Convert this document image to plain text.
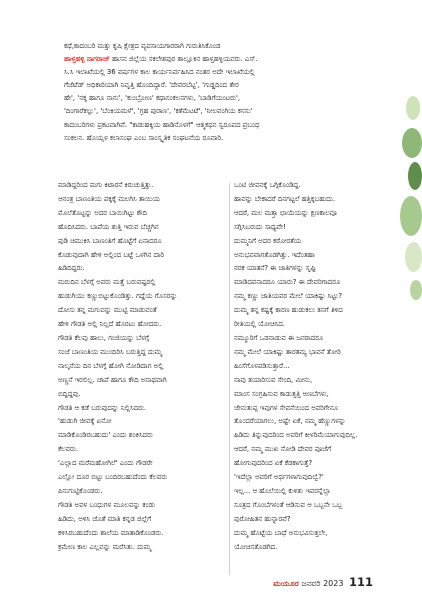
ಕಥೆ,ಕಾದಂಬರಿ ಮತ್ತು ಕೃಷಿ ಕ್ಷೇತ್ರದ ವ್ಯವಸಾಯಗಾರರಾಗಿ ಗುರುತಿಸಿಕೊಂಡ
ಹಾಳ್ತಹಳ್ಳಿ ನಾಗರಾಜ್ ಹಾಸನ ಜಿಲ್ಲೆಯ ಸಕಲೇಶಪುರ ತಾಲ್ಲೂಕಿನ ಹಾಳ್ತಹಳ್ಳಿಯವರು. ಎಸ್.
ಸಿ.ಸಿ ಇಲಾಖೆಯಲ್ಲಿ 36 ವರ್ಷಗಳ ಕಾಲ ಕಾರ್ಯನಿರ್ವಹಿಸಿದ ನಂತರ ಅದೇ ಇಲಾಖೆಯಲ್ಲಿ
ಗೆಜೆಟೆಡ್ ಅಧಿಕಾರಿಯಾಗಿ ನಿವೃತ್ತಿ ಹೊಂದಿದ್ದಾರೆ. 'ದೇವರಬೆಟ್ಟ', 'ಗುಡ್ಡದಿಂದ ತೇರ
ಹೇ', 'ನಕ್ಕ ಹಾಗೂ ನಾನು', 'ಕುಂಬ್ರೋಣ' ಕಥಾಸಂಕಲನಗಳು, 'ಬಾಡಿಗೆಯಂಟರು',
'ದಿಂಗಾರೆಕಲ್ಲು', 'ಬೆಂಕಿಯಮಳೆ', 'ಗ್ರಹ ಪುರಾಣ', 'ಕತೆಮೆಟಟೆ', 'ನೀಲವಂಗಿಯ ಕನಸು'
ಕಾದಂಬರಿಗಳು ಪ್ರಕಟವಾಗಿವೆ. "ಕಾಡುಹಕ್ಕಿಯ ಹಾಡಿನೊಳಗೆ" ಆತ್ಮಕಥನ ಸ್ವರೂಪದ ಪ್ರಬಂಧ
ಸಂಕಲನ. ಹೊಯ್ಸಳ ಕಲಾಸಂಘ ಎಂಬ ಸಾಂಸ್ಕೃತಿಕ ಸಂಘಟನೆಯ ರೂವಾರಿ.
ಮಾಡಿದ್ದರಿಂದ ಮಗು ಕಿಟಾರನೆ ಕಿರುಚುತ್ತಿತ್ತು.
ಆನಂತ್ರ ಬಾಣಂತಿಯ ಪಕ್ಕಕ್ಕೆ ಮಲಗಿಸಿ ತಾಯಿಯ
ಮೊಲೆತೊಟ್ಟನ್ನು ಅದರ ಬಾಯಿಗಿಟ್ಟು ಕೌದಿ
ಹೊದಿಸಿದರು. ಬಾಪೆಯ ತುತ್ತಿ ಇರುವ ಬೆಚ್ಚಗಿನ
ಪುಡಿ ಚಿಮುಕಿಸಿ ಬಾಣಂತಿಗೆ ಹೊಟ್ಟೆಗೆ ಏನಾದರೂ
ಕೊಡುವುದಾಗಿ ಹೇಳಿ ಅಲ್ಲಿಂದ ಬಟ್ಟೆ ಒಳಗಿನ ದಾರಿ
ಹಿಡಿದಿದ್ದರು.
ಮರುದಿನ ಬೆಳಗ್ಗೆ ಅವರು ಮತ್ತೆ ಬರುವಷ್ಟರಲ್ಲಿ
ಹುಡುಗಿಯು ಕಣ್ಣುಬಿಟ್ಟುಕೊಂಡಿತ್ತು. ಗದ್ದೆಯ ಗೊಸರನ್ನು
ದೋಸು ತನ್ನ ಮಗುವನ್ನು ಮುಟ್ಟಿ ಮಾಡುವಂತೆ
ಹೇಳಿ ಗೌಡತಿ ಅಲ್ಲಿ ನಿಲ್ಲದೆ ಹೊರಟು ಹೋದರು.
ಗೌಡತಿ ಕೆಲವು ಹಾಲು, ಗಂಜಿಯನ್ನು ಬೆಳಗ್ಗೆ
ಸಂಜೆ ಬಾಣಂತಿಯ ಮುಂದಿರಿಸಿ ಬರುತ್ತಿದ್ದ ದುಮ್ಮ
ನಾಲ್ಕನೆಯ ದಿನ ಬೆಳಗ್ಗೆ ಹೋಗಿ ನೋಡಿದಾಗ ಅಲ್ಲಿ
ಅಣ್ಣನೆ ಇರಲಿಲ್ಲ. ಚಾಪೆ ಹಾಗೂ ಕೌದಿ ಅನಾಥವಾಗಿ
ಬಿದ್ದಿದ್ದವು.
ಗೌಡತಿ ಆ ಕಡೆ ಬರುವುದನ್ನು ನಿಲ್ಲಿಸಿದರು.
'ಹುಡುಗಿ ಜೀವಕ್ಕೆ ಏನೋ
ಮಾಡಿಕೊಂಡಿರಬಹುದು' ಎಂದು ಶಂಕಿಸಿದರು
ಕೆಲವರು.
'ಎಲ್ಲಾದ ಮರೆಮಹೋಗಿಲೆ' ಎಂದು ಗೌಡರೇ
ಎಲ್ಲೋ ದೂರ ಬಿಟ್ಟು ಬಂದಿರಬಹುದೆಂದು ಕೆಲವರು
ಪಿಸುಗುಟ್ಟಿಕೊಂಡರು.
ಗೌಡತಿ ಅವಳ ಬಂಧುಗಳ ಮೂಲವನ್ನು ಕಂಡು
ಹಿಡಿದು, ಅಳಿಸಿ ಜೊತೆ ಮಾತಿ ಕನ್ನಡ ಜಿಲ್ಲೆಗೆ
ಕಳಿಸಿರಬಹುದೆಂದು ಶಾಲೆಯ ಮಾತಾಡಿಕೊಂಡರು.
ಕ್ರಮೇಣ ಕಾಲ ಎಲ್ಲವನ್ನು ಮರೆಸಿತು. ದುಮ್ಮ
ಒಂಟಿ ಜೀವನಕ್ಕೆ ಒಗ್ಗಿಕೊಂಡಿದ್ದ.
ಹಾವನ್ನು ಬೇಕಾದರೆ ದಿನಗಟ್ಟಲೆ ಹತ್ತಿಕ್ಕಬಹುದು.
ಆದರೆ, ಮಲ ಮತ್ತಾ ಛಾಯೆಯನ್ನು ಕ್ಷಣಕಾಲವೂ
ಸಗ್ಗಿಸಿಬರುದು ಸಾಧ್ಯವೇ!
ದುಮ್ಮನಿಗೆ ಅದರ ಕಠೋರತೆಯ
ಅನುಭವವಾಗತೊಡಗಿತ್ತು. ಇದೆಂತಹಾ
ನರಕ ಯಾತನೆ? ಈ ಜಾತಿಗಳನ್ನು ಸೃಷ್ಟಿ
ಮಾಡಿದವನಾದರೂ ಯಾರು? ಈ ದೇವರಿಗಾದರೂ
ನಮ್ಮ ಕಣ್ಣು ಜಾತಿಯವರ ಮೇಲೆ ಯಾಕಿಷ್ಟು ಸಿಟ್ಟು?
ದುಮ್ಮ ತನ್ನ ಕಷ್ಟಕ್ಕೆ ಕಾರಣ ಹುಡುಕಲು ತನಗೆ ತಿಳಿದ
ರೀತಿಯಲ್ಲಿ ಯೋಚಿಸಿದ.
ನಮ್ಮೂರಿಗೆ ಒಡನಾಡುವ ಈ ಜನರಾದರೂ
ನಮ್ಮ ಮೇಲೆ ಯಾಕಿಷ್ಟು ತಾರತಮ್ಯ ಭಾವನೆ ತೋರಿ
ಹಿಂಸೆಗೊಳಪಡಿಸುತ್ತಾರೆ...
ನಾವು ತಯಾರಿಸುವ ಸೇಂದಿ, ಮೀನು,
ಮಾಂಸ ಸಂಗ್ರಹಿಸುವ ಕಾಡುತ್ತತ್ತಿ ಅಣಬೆಗಳು,
ಜೇನುತುಪ್ಪ ಇವುಗಳ ಸೇವನೆಯಿಂದ ಅವರಿಗೇನೂ
ತೊಂದರೆಯಾಗಲು, ಅಷ್ಟೇ ಏಕೆ, ನಮ್ಮ ಹೆಣ್ಣುಗಳನ್ನು
ಹಿಡಿದು ತಿನ್ನುವುದರಿಂದ ಅವರಿಗೆ ಕೀಳರಿಮೆಯಾಗುವುದಿಲ್ಲ.
ಆದರೆ, ನಮ್ಮ ಮುಖ ನೋಡಿ ದೇವರ ಪೂಜೆಗೆ
ಹೋಗುವುದರಿಂದ ಏಕೆ ಕೆಡಕಾಗುತ್ತೆ?
'ಇದೆಲ್ಲಾ ಅವರಿಗೆ ಅರ್ಥಗಳಾಗುವುದಿಲ್ವೆ?'
ಇಲ್ಲ... ಆ ಹೊಲೆಯಿಲ್ಲಿ ಕುಳಿತು ಇವರನ್ನೆಲ್ಲಾ
ಸೂತ್ರದ ಗೊಂಬೆಗಳಂತೆ ಆಡಿಸುವ ಆ ಒಬ್ಬನೇ ಒಬ್ಬ
ಪುರೋಹಿತನ ಹುನ್ನಾರವೆ?
ದುಮ್ಮ ಹೊಟ್ಟೆಯ ಬಾಧೆ ಅನುಭವಿಸುತ್ತಲೇ,
ಯೋಚಿಸತೊಡಗಿದ.
ಮಯೂರ ಜನವರಿ 2023 111
